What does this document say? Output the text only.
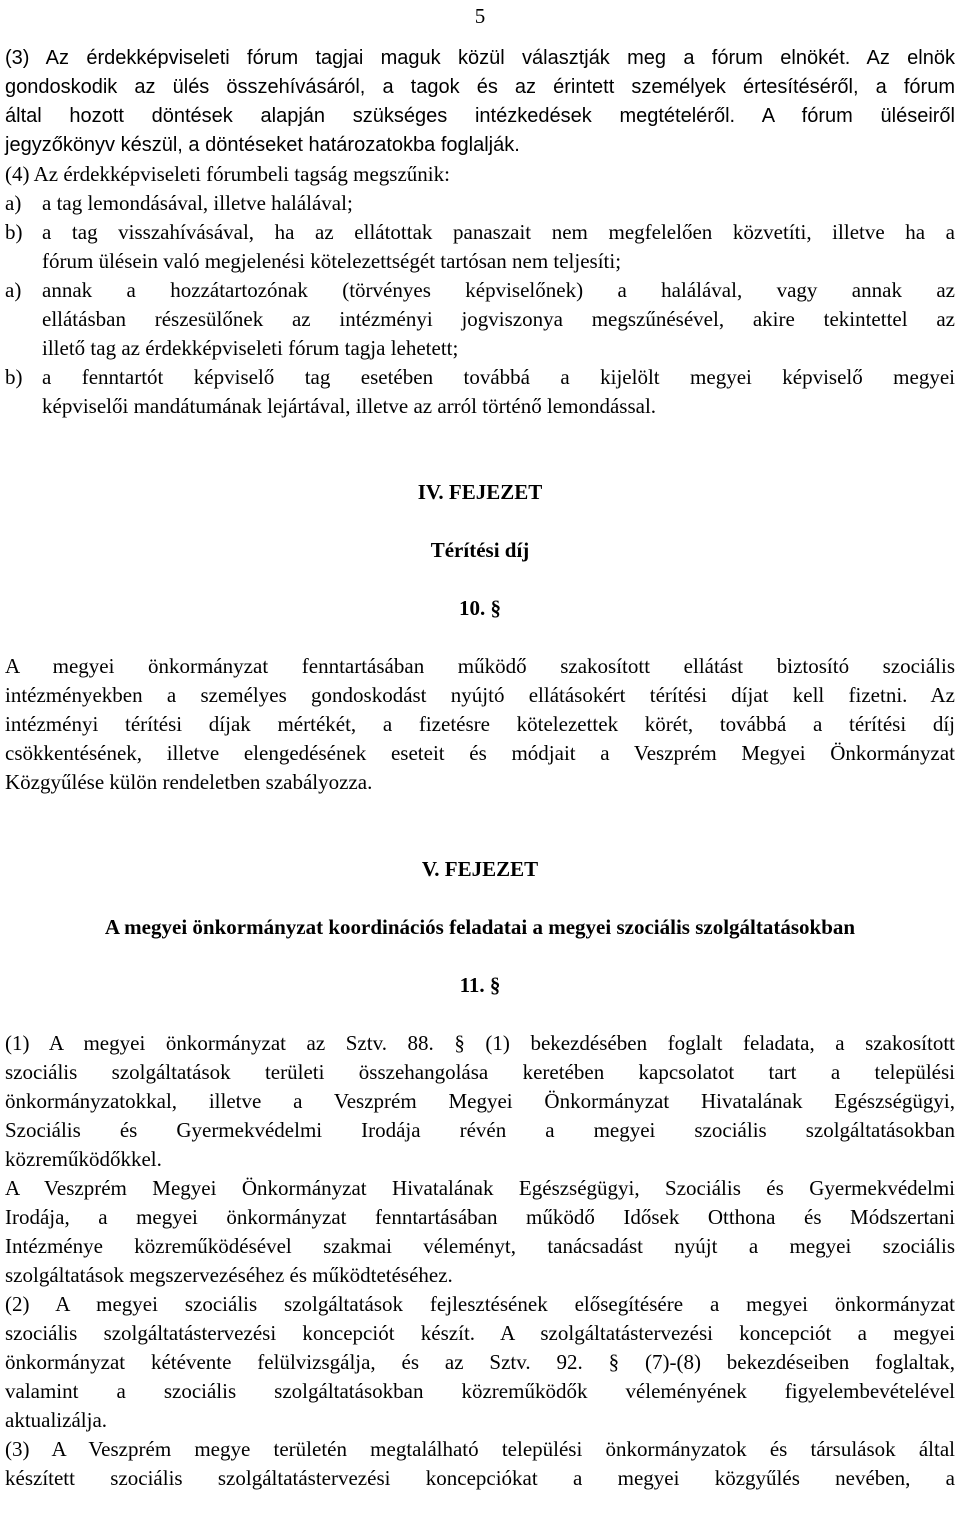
5
(3) Az érdekképviseleti fórum tagjai maguk közül választják meg a fórum elnökét. Az elnök
gondoskodik az ülés összehívásáról, a tagok és az érintett személyek értesítéséről, a fórum
által hozott döntések alapján szükséges intézkedések megtételéről. A fórum üléseiről
jegyzőkönyv készül, a döntéseket határozatokba foglalják.
(4) Az érdekképviseleti fórumbeli tagság megszűnik:
a) a tag lemondásával, illetve halálával;
b) a tag visszahívásával, ha az ellátottak panaszait nem megfelelően közvetíti, illetve ha a
fórum ülésein való megjelenési kötelezettségét tartósan nem teljesíti;
a) annak a hozzátartozónak (törvényes képviselőnek) a halálával, vagy annak az
ellátásban részesülőnek az intézményi jogviszonya megszűnésével, akire tekintettel az
illető tag az érdekképviseleti fórum tagja lehetett;
b) a fenntartót képviselő tag esetében továbbá a kijelölt megyei képviselő megyei
képviselői mandátumának lejártával, illetve az arról történő lemondással.
IV. FEJEZET
Térítési díj
10. §
A megyei önkormányzat fenntartásában működő szakosított ellátást biztosító szociális
intézményekben a személyes gondoskodást nyújtó ellátásokért térítési díjat kell fizetni. Az
intézményi térítési díjak mértékét, a fizetésre kötelezettek körét, továbbá a térítési díj
csökkentésének, illetve elengedésének eseteit és módjait a Veszprém Megyei Önkormányzat
Közgyűlése külön rendeletben szabályozza.
V. FEJEZET
A megyei önkormányzat koordinációs feladatai a megyei szociális szolgáltatásokban
11. §
(1) A megyei önkormányzat az Sztv. 88. § (1) bekezdésében foglalt feladata, a szakosított
szociális szolgáltatások területi összehangolása keretében kapcsolatot tart a települési
önkormányzatokkal, illetve a Veszprém Megyei Önkormányzat Hivatalának Egészségügyi,
Szociális és Gyermekvédelmi Irodája révén a megyei szociális szolgáltatásokban
közreműködőkkel.
A Veszprém Megyei Önkormányzat Hivatalának Egészségügyi, Szociális és Gyermekvédelmi
Irodája, a megyei önkormányzat fenntartásában működő Idősek Otthona és Módszertani
Intézménye közreműködésével szakmai véleményt, tanácsadást nyújt a megyei szociális
szolgáltatások megszervezéséhez és működtetéséhez.
(2) A megyei szociális szolgáltatások fejlesztésének elősegítésére a megyei önkormányzat
szociális szolgáltatástervezési koncepciót készít. A szolgáltatástervezési koncepciót a megyei
önkormányzat kétévente felülvizsgálja, és az Sztv. 92. § (7)-(8) bekezdéseiben foglaltak,
valamint a szociális szolgáltatásokban közreműködők véleményének figyelembevételével
aktualizálja.
(3) A Veszprém megye területén megtalálható települési önkormányzatok és társulások által
készített szociális szolgáltatástervezési koncepciókat a megyei közgyűlés nevében, a
